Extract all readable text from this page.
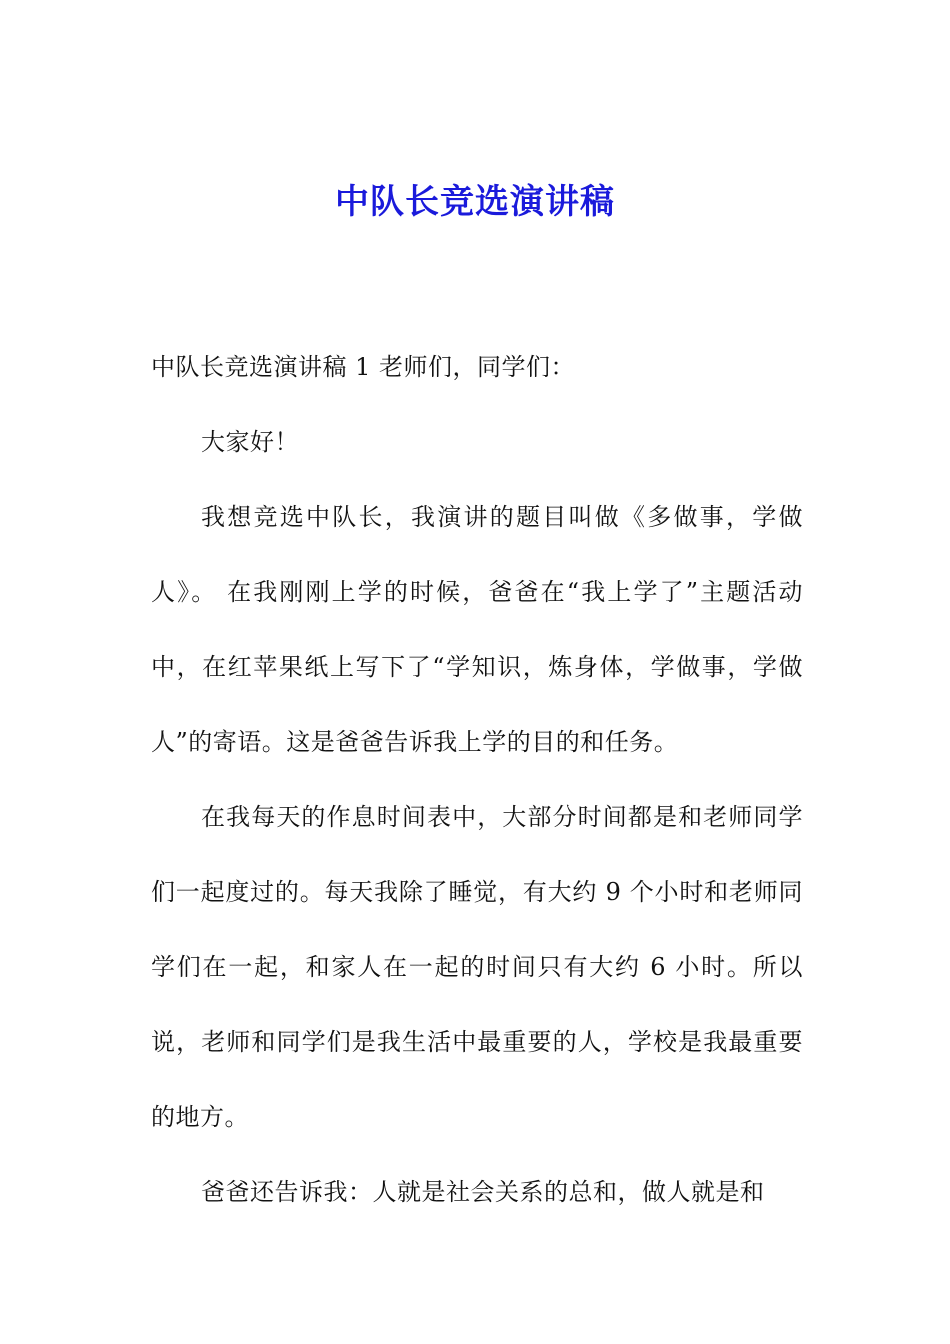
中队长竞选演讲稿

中队长竞选演讲稿 1 老师们，同学们：

大家好！

我想竞选中队长，我演讲的题目叫做《多做事，学做人》。 在我刚刚上学的时候，爸爸在“我上学了”主题活动中，在红苹果纸上写下了“学知识，炼身体，学做事，学做人”的寄语。这是爸爸告诉我上学的目的和任务。

在我每天的作息时间表中，大部分时间都是和老师同学们一起度过的。每天我除了睡觉，有大约 9 个小时和老师同学们在一起，和家人在一起的时间只有大约 6 小时。所以说，老师和同学们是我生活中最重要的人，学校是我最重要的地方。

爸爸还告诉我：人就是社会关系的总和，做人就是和
